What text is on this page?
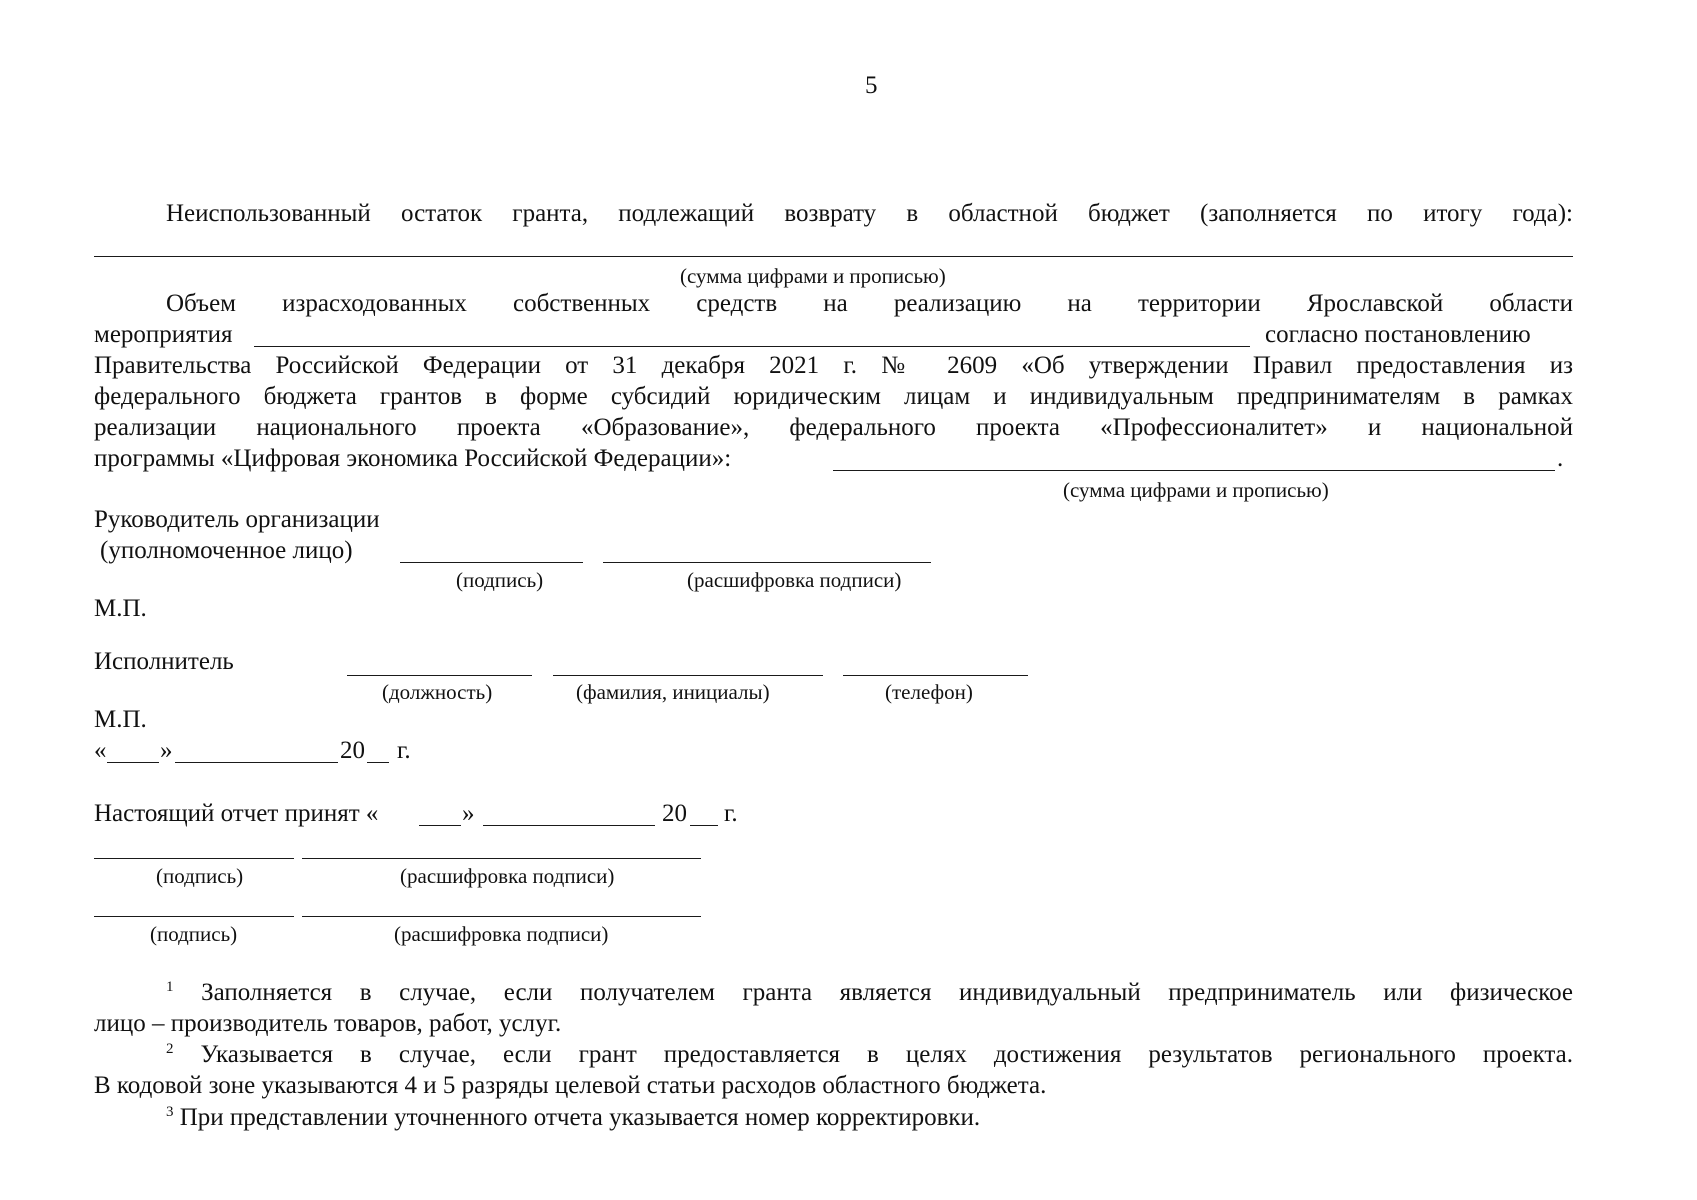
5
Неиспользованный остаток гранта, подлежащий возврату в областной бюджет (заполняется по итогу года):
(сумма цифрами и прописью)
Объем израсходованных собственных средств на реализацию на территории Ярославской области
мероприятия	согласно постановлению
Правительства Российской Федерации от 31 декабря 2021 г. № 2609 «Об утверждении Правил предоставления из
федерального бюджета грантов в форме субсидий юридическим лицам и индивидуальным предпринимателям в рамках
реализации национального проекта «Образование», федерального проекта «Профессионалитет» и национальной
программы «Цифровая экономика Российской Федерации»:	.
(сумма цифрами и прописью)
Руководитель организации
(уполномоченное лицо)
(подпись)	(расшифровка подписи)
М.П.
Исполнитель
(должность)	(фамилия, инициалы)	(телефон)
М.П.
« »	20 г.
Настоящий отчет принят «	»	20 г.
(подпись)	(расшифровка подписи)
(подпись)	(расшифровка подписи)
$^1$ Заполняется в случае, если получателем гранта является индивидуальный предприниматель или физическое
лицо – производитель товаров, работ, услуг.
$^2$ Указывается в случае, если грант предоставляется в целях достижения результатов регионального проекта.
В кодовой зоне указываются 4 и 5 разряды целевой статьи расходов областного бюджета.
$^3$ При представлении уточненного отчета указывается номер корректировки.
